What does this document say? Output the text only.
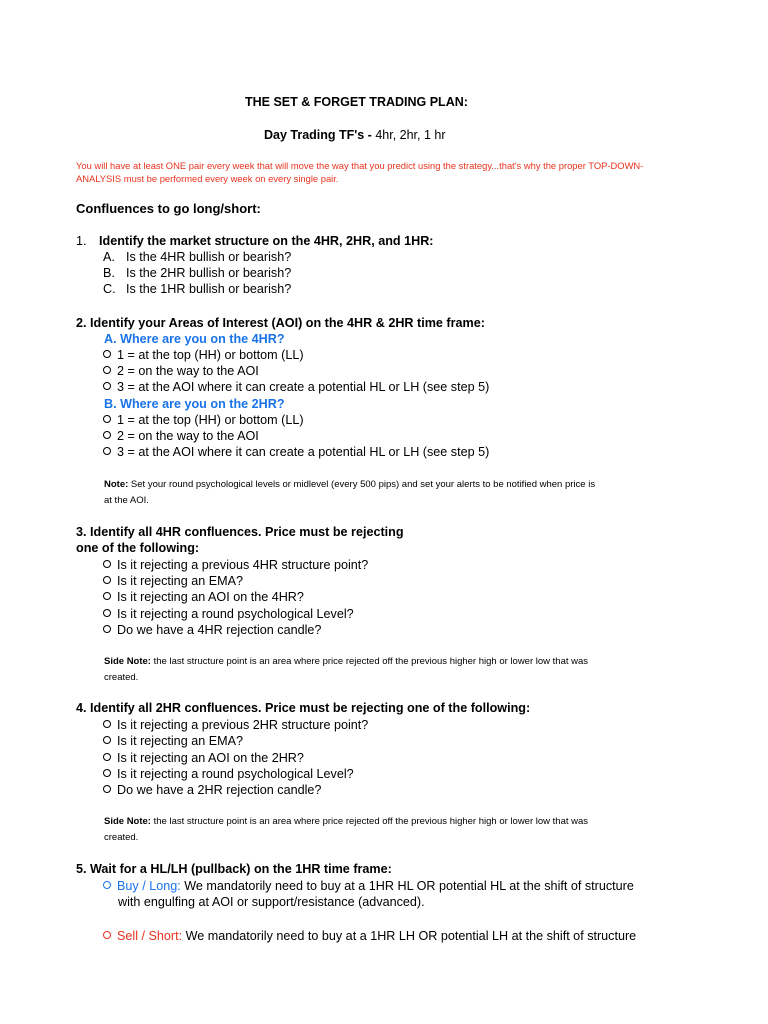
THE SET & FORGET TRADING PLAN:
Day Trading TF's - 4hr, 2hr, 1 hr
You will have at least ONE pair every week that will move the way that you predict using the strategy...that's why the proper TOP-DOWN-
ANALYSIS must be performed every week on every single pair.
Confluences to go long/short:
1. Identify the market structure on the 4HR, 2HR, and 1HR:
A. Is the 4HR bullish or bearish?
B. Is the 2HR bullish or bearish?
C. Is the 1HR bullish or bearish?
2. Identify your Areas of Interest (AOI) on the 4HR & 2HR time frame:
A. Where are you on the 4HR?
1 = at the top (HH) or bottom (LL)
2 = on the way to the AOI
3 = at the AOI where it can create a potential HL or LH (see step 5)
B. Where are you on the 2HR?
1 = at the top (HH) or bottom (LL)
2 = on the way to the AOI
3 = at the AOI where it can create a potential HL or LH (see step 5)
Note: Set your round psychological levels or midlevel (every 500 pips) and set your alerts to be notified when price is
at the AOI.
3. Identify all 4HR confluences. Price must be rejecting
one of the following:
Is it rejecting a previous 4HR structure point?
Is it rejecting an EMA?
Is it rejecting an AOI on the 4HR?
Is it rejecting a round psychological Level?
Do we have a 4HR rejection candle?
Side Note: the last structure point is an area where price rejected off the previous higher high or lower low that was
created.
4. Identify all 2HR confluences. Price must be rejecting one of the following:
Is it rejecting a previous 2HR structure point?
Is it rejecting an EMA?
Is it rejecting an AOI on the 2HR?
Is it rejecting a round psychological Level?
Do we have a 2HR rejection candle?
Side Note: the last structure point is an area where price rejected off the previous higher high or lower low that was
created.
5. Wait for a HL/LH (pullback) on the 1HR time frame:
Buy / Long: We mandatorily need to buy at a 1HR HL OR potential HL at the shift of structure
with engulfing at AOI or support/resistance (advanced).
Sell / Short: We mandatorily need to buy at a 1HR LH OR potential LH at the shift of structure
